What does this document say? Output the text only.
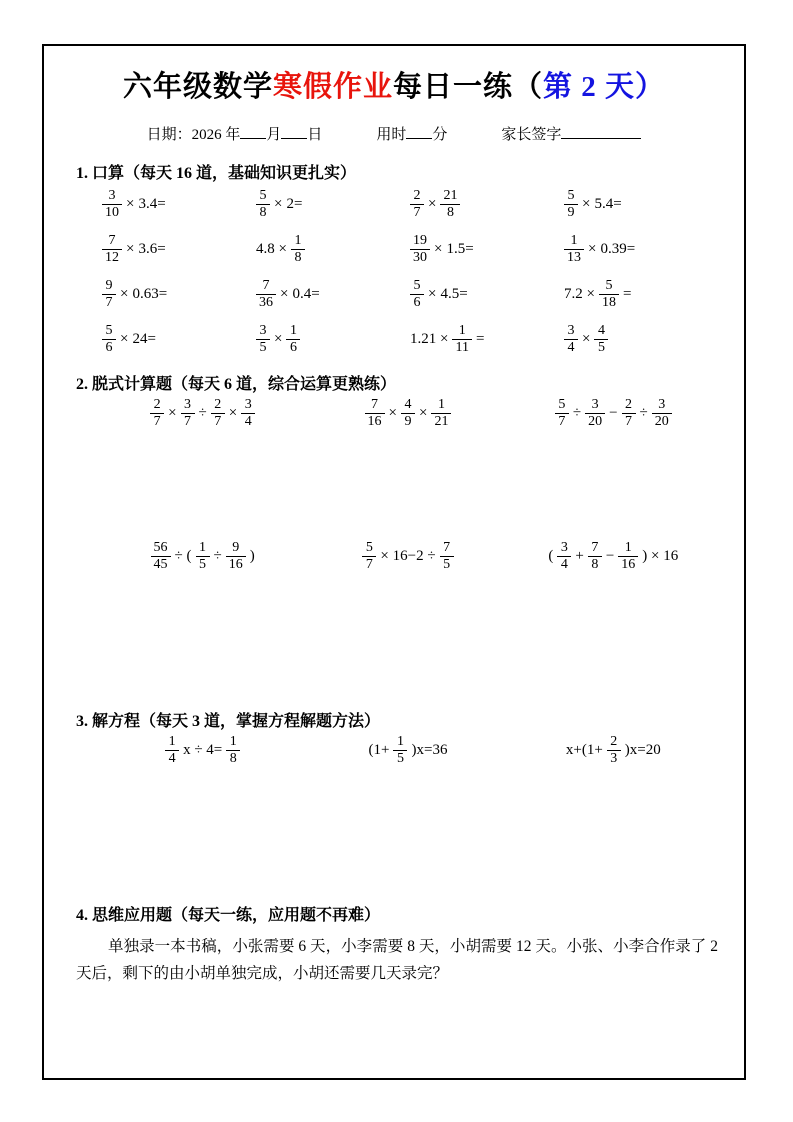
六年级数学寒假作业每日一练（第 2 天）
日期：2026 年 月 日	用时 分	家长签字
1. 口算（每天 16 道，基础知识更扎实）
$\frac{3}{10} \times 3.4=$	$\frac{5}{8} \times 2=$	$\frac{2}{7} \times \frac{21}{8}$	$\frac{5}{9} \times 5.4=$
$\frac{7}{12} \times 3.6=$	$4.8 \times \frac{1}{8}$	$\frac{19}{30} \times 1.5=$	$\frac{1}{13} \times 0.39=$
$\frac{9}{7} \times 0.63=$	$\frac{7}{36} \times 0.4=$	$\frac{5}{6} \times 4.5=$	$7.2 \times \frac{5}{18}$ =
$\frac{5}{6} \times 24=$	$\frac{3}{5} \times \frac{1}{6}$	$1.21 \times \frac{1}{11}$ =	$\frac{3}{4} \times \frac{4}{5}$
2. 脱式计算题（每天 6 道，综合运算更熟练）
$\frac{2}{7} \times \frac{3}{7} \div \frac{2}{7} \times \frac{3}{4}$	$\frac{7}{16} \times \frac{4}{9} \times \frac{1}{21}$	$\frac{5}{7} \div \frac{3}{20} - \frac{2}{7} \div \frac{3}{20}$
$\frac{56}{45}$ ÷ ( $\frac{1}{5} \div \frac{9}{16}$ )	$\frac{5}{7} \times 16-2 \div \frac{7}{5}$	( $\frac{3}{4} + \frac{7}{8} - \frac{1}{16}$ ) × 16
3. 解方程（每天 3 道，掌握方程解题方法）
$\frac{1}{4}$ $x \div 4= \frac{1}{8}$	$(1+ \frac{1}{5} )x=36$	$x+(1+ \frac{2}{3} )x=20$
4. 思维应用题（每天一练，应用题不再难）
单独录一本书稿，小张需要 6 天，小李需要 8 天，小胡需要 12 天。小张、小李合作录了 2 天后，剩下的由小胡单独完成，小胡还需要几天录完？
